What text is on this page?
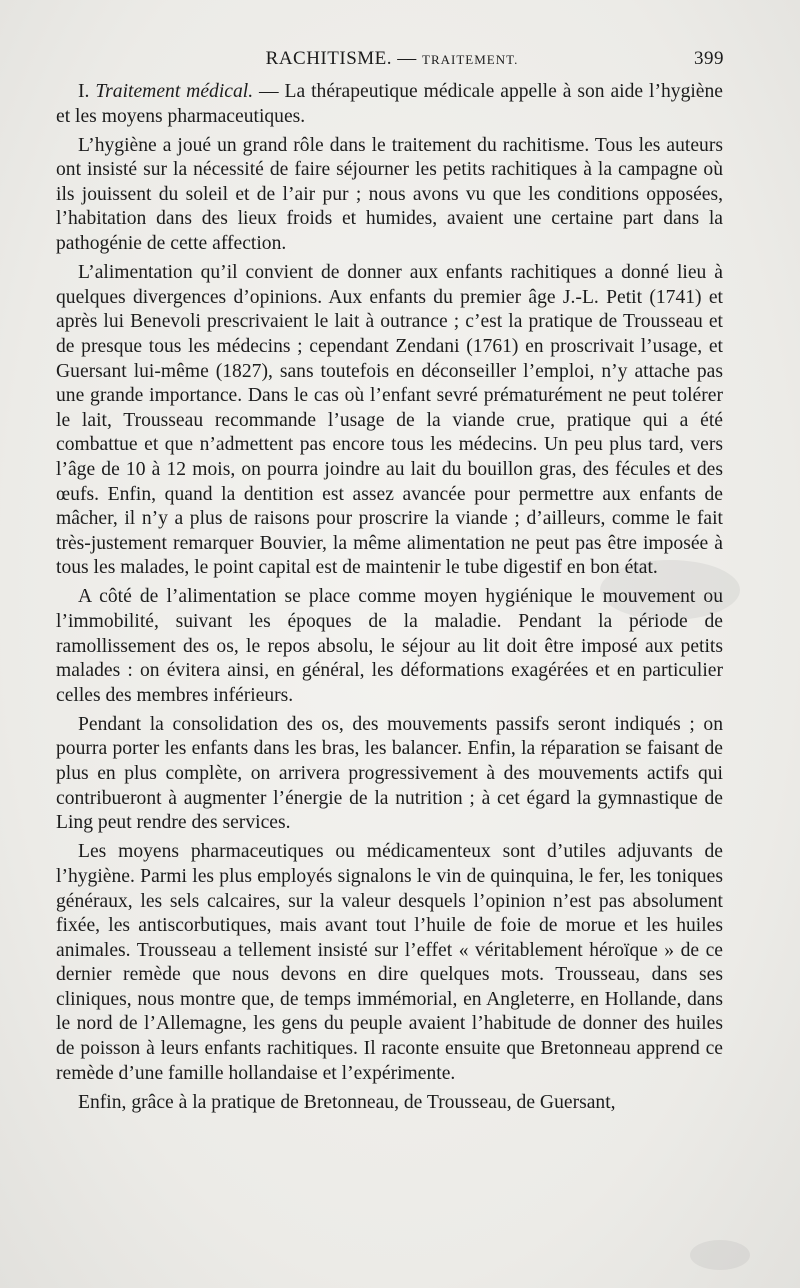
RACHITISME. — TRAITEMENT.	399

I. Traitement médical. — La thérapeutique médicale appelle à son aide l’hygiène et les moyens pharmaceutiques.

L’hygiène a joué un grand rôle dans le traitement du rachitisme. Tous les auteurs ont insisté sur la nécessité de faire séjourner les petits rachitiques à la campagne où ils jouissent du soleil et de l’air pur ; nous avons vu que les conditions opposées, l’habitation dans des lieux froids et humides, avaient une certaine part dans la pathogénie de cette affection.

L’alimentation qu’il convient de donner aux enfants rachitiques a donné lieu à quelques divergences d’opinions. Aux enfants du premier âge J.-L. Petit (1741) et après lui Benevoli prescrivaient le lait à outrance ; c’est la pratique de Trousseau et de presque tous les médecins ; cependant Zendani (1761) en proscrivait l’usage, et Guersant lui-même (1827), sans toutefois en déconseiller l’emploi, n’y attache pas une grande importance. Dans le cas où l’enfant sevré prématurément ne peut tolérer le lait, Trousseau recommande l’usage de la viande crue, pratique qui a été combattue et que n’admettent pas encore tous les médecins. Un peu plus tard, vers l’âge de 10 à 12 mois, on pourra joindre au lait du bouillon gras, des fécules et des œufs. Enfin, quand la dentition est assez avancée pour permettre aux enfants de mâcher, il n’y a plus de raisons pour proscrire la viande ; d’ailleurs, comme le fait très-justement remarquer Bouvier, la même alimentation ne peut pas être imposée à tous les malades, le point capital est de maintenir le tube digestif en bon état.

A côté de l’alimentation se place comme moyen hygiénique le mouvement ou l’immobilité, suivant les époques de la maladie. Pendant la période de ramollissement des os, le repos absolu, le séjour au lit doit être imposé aux petits malades : on évitera ainsi, en général, les déformations exagérées et en particulier celles des membres inférieurs.

Pendant la consolidation des os, des mouvements passifs seront indiqués ; on pourra porter les enfants dans les bras, les balancer. Enfin, la réparation se faisant de plus en plus complète, on arrivera progressivement à des mouvements actifs qui contribueront à augmenter l’énergie de la nutrition ; à cet égard la gymnastique de Ling peut rendre des services.

Les moyens pharmaceutiques ou médicamenteux sont d’utiles adjuvants de l’hygiène. Parmi les plus employés signalons le vin de quinquina, le fer, les toniques généraux, les sels calcaires, sur la valeur desquels l’opinion n’est pas absolument fixée, les antiscorbutiques, mais avant tout l’huile de foie de morue et les huiles animales. Trousseau a tellement insisté sur l’effet « véritablement héroïque » de ce dernier remède que nous devons en dire quelques mots. Trousseau, dans ses cliniques, nous montre que, de temps immémorial, en Angleterre, en Hollande, dans le nord de l’Allemagne, les gens du peuple avaient l’habitude de donner des huiles de poisson à leurs enfants rachitiques. Il raconte ensuite que Bretonneau apprend ce remède d’une famille hollandaise et l’expérimente.

Enfin, grâce à la pratique de Bretonneau, de Trousseau, de Guersant,
